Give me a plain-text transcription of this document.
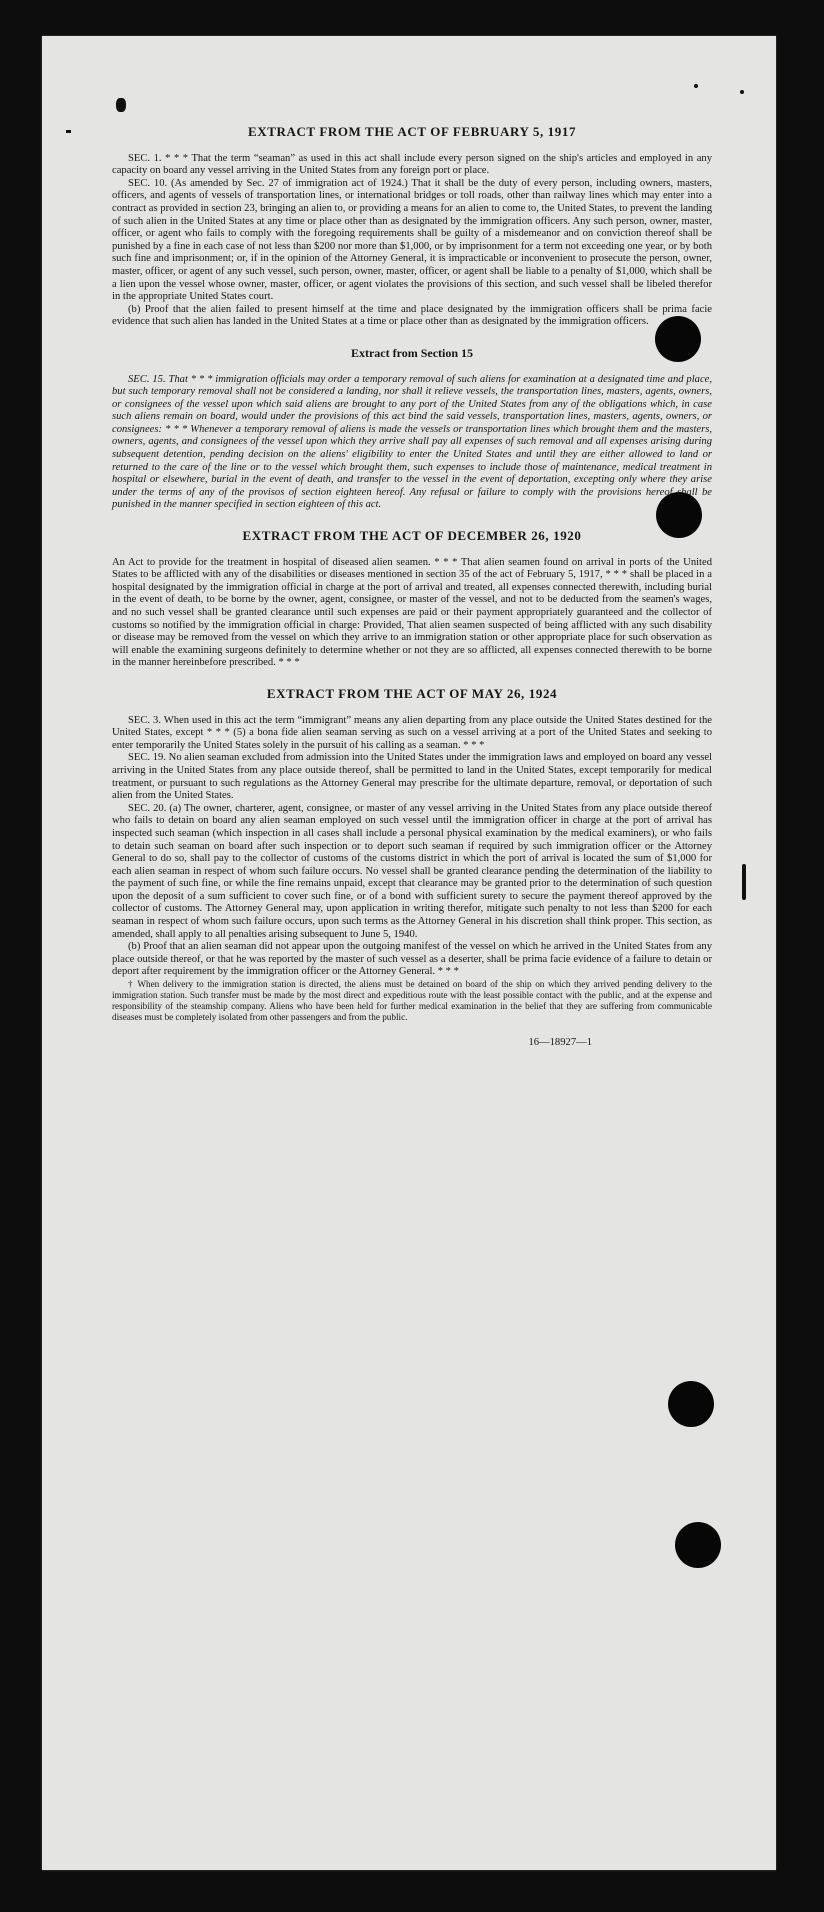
EXTRACT FROM THE ACT OF FEBRUARY 5, 1917

SEC. 1. * * * That the term “seaman” as used in this act shall include every person signed on the ship's articles and employed in any capacity on board any vessel arriving in the United States from any foreign port or place.

SEC. 10. (As amended by Sec. 27 of immigration act of 1924.) That it shall be the duty of every person, including owners, masters, officers, and agents of vessels of transportation lines, or international bridges or toll roads, other than railway lines which may enter into a contract as provided in section 23, bringing an alien to, or providing a means for an alien to come to, the United States, to prevent the landing of such alien in the United States at any time or place other than as designated by the immigration officers. Any such person, owner, master, officer, or agent who fails to comply with the foregoing requirements shall be guilty of a misdemeanor and on conviction thereof shall be punished by a fine in each case of not less than $200 nor more than $1,000, or by imprisonment for a term not exceeding one year, or by both such fine and imprisonment; or, if in the opinion of the Attorney General, it is impracticable or inconvenient to prosecute the person, owner, master, officer, or agent of any such vessel, such person, owner, master, officer, or agent shall be liable to a penalty of $1,000, which shall be a lien upon the vessel whose owner, master, officer, or agent violates the provisions of this section, and such vessel shall be libeled therefor in the appropriate United States court.

(b) Proof that the alien failed to present himself at the time and place designated by the immigration officers shall be prima facie evidence that such alien has landed in the United States at a time or place other than as designated by the immigration officers.

Extract from Section 15

SEC. 15. That * * * immigration officials may order a temporary removal of such aliens for examination at a designated time and place, but such temporary removal shall not be considered a landing, nor shall it relieve vessels, the transportation lines, masters, agents, owners, or consignees of the vessel upon which said aliens are brought to any port of the United States from any of the obligations which, in case such aliens remain on board, would under the provisions of this act bind the said vessels, transportation lines, masters, agents, owners, or consignees: * * * Whenever a temporary removal of aliens is made the vessels or transportation lines which brought them and the masters, owners, agents, and consignees of the vessel upon which they arrive shall pay all expenses of such removal and all expenses arising during subsequent detention, pending decision on the aliens' eligibility to enter the United States and until they are either allowed to land or returned to the care of the line or to the vessel which brought them, such expenses to include those of maintenance, medical treatment in hospital or elsewhere, burial in the event of death, and transfer to the vessel in the event of deportation, excepting only where they arise under the terms of any of the provisos of section eighteen hereof. Any refusal or failure to comply with the provisions hereof shall be punished in the manner specified in section eighteen of this act.

EXTRACT FROM THE ACT OF DECEMBER 26, 1920

An Act to provide for the treatment in hospital of diseased alien seamen. * * * That alien seamen found on arrival in ports of the United States to be afflicted with any of the disabilities or diseases mentioned in section 35 of the act of February 5, 1917, * * * shall be placed in a hospital designated by the immigration official in charge at the port of arrival and treated, all expenses connected therewith, including burial in the event of death, to be borne by the owner, agent, consignee, or master of the vessel, and not to be deducted from the seamen's wages, and no such vessel shall be granted clearance until such expenses are paid or their payment appropriately guaranteed and the collector of customs so notified by the immigration official in charge: Provided, That alien seamen suspected of being afflicted with any such disability or disease may be removed from the vessel on which they arrive to an immigration station or other appropriate place for such observation as will enable the examining surgeons definitely to determine whether or not they are so afflicted, all expenses connected therewith to be borne in the manner hereinbefore prescribed. * * *

EXTRACT FROM THE ACT OF MAY 26, 1924

SEC. 3. When used in this act the term “immigrant” means any alien departing from any place outside the United States destined for the United States, except * * * (5) a bona fide alien seaman serving as such on a vessel arriving at a port of the United States and seeking to enter temporarily the United States solely in the pursuit of his calling as a seaman. * * *

SEC. 19. No alien seaman excluded from admission into the United States under the immigration laws and employed on board any vessel arriving in the United States from any place outside thereof, shall be permitted to land in the United States, except temporarily for medical treatment, or pursuant to such regulations as the Attorney General may prescribe for the ultimate departure, removal, or deportation of such alien from the United States.

SEC. 20. (a) The owner, charterer, agent, consignee, or master of any vessel arriving in the United States from any place outside thereof who fails to detain on board any alien seaman employed on such vessel until the immigration officer in charge at the port of arrival has inspected such seaman (which inspection in all cases shall include a personal physical examination by the medical examiners), or who fails to detain such seaman on board after such inspection or to deport such seaman if required by such immigration officer or the Attorney General to do so, shall pay to the collector of customs of the customs district in which the port of arrival is located the sum of $1,000 for each alien seaman in respect of whom such failure occurs. No vessel shall be granted clearance pending the determination of the liability to the payment of such fine, or while the fine remains unpaid, except that clearance may be granted prior to the determination of such question upon the deposit of a sum sufficient to cover such fine, or of a bond with sufficient surety to secure the payment thereof approved by the collector of customs. The Attorney General may, upon application in writing therefor, mitigate such penalty to not less than $200 for each seaman in respect of whom such failure occurs, upon such terms as the Attorney General in his discretion shall think proper. This section, as amended, shall apply to all penalties arising subsequent to June 5, 1940.

(b) Proof that an alien seaman did not appear upon the outgoing manifest of the vessel on which he arrived in the United States from any place outside thereof, or that he was reported by the master of such vessel as a deserter, shall be prima facie evidence of a failure to detain or deport after requirement by the immigration officer or the Attorney General. * * *

† When delivery to the immigration station is directed, the aliens must be detained on board of the ship on which they arrived pending delivery to the immigration station. Such transfer must be made by the most direct and expeditious route with the least possible contact with the public, and at the expense and responsibility of the steamship company. Aliens who have been held for further medical examination in the belief that they are suffering from communicable diseases must be completely isolated from other passengers and from the public.

16—18927—1
